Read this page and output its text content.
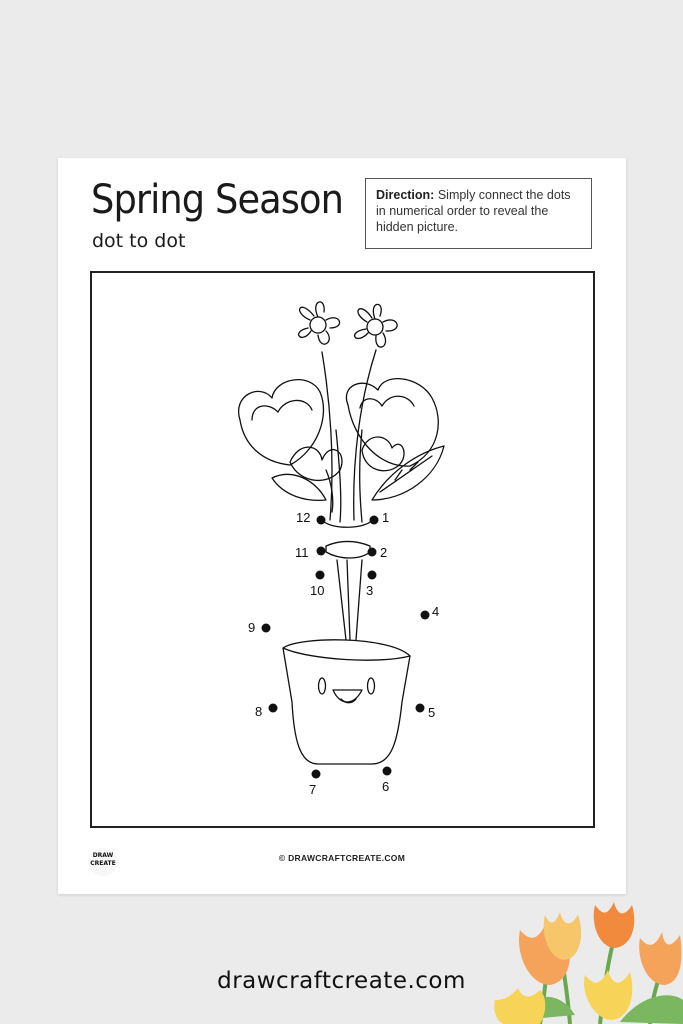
Spring Season
dot to dot
Direction: Simply connect the dots in numerical order to reveal the hidden picture.
DRAW CREATE
© DRAWCRAFTCREATE.COM
1
2
3
4
5
6
7
8
9
10
11
12
drawcraftcreate.com
